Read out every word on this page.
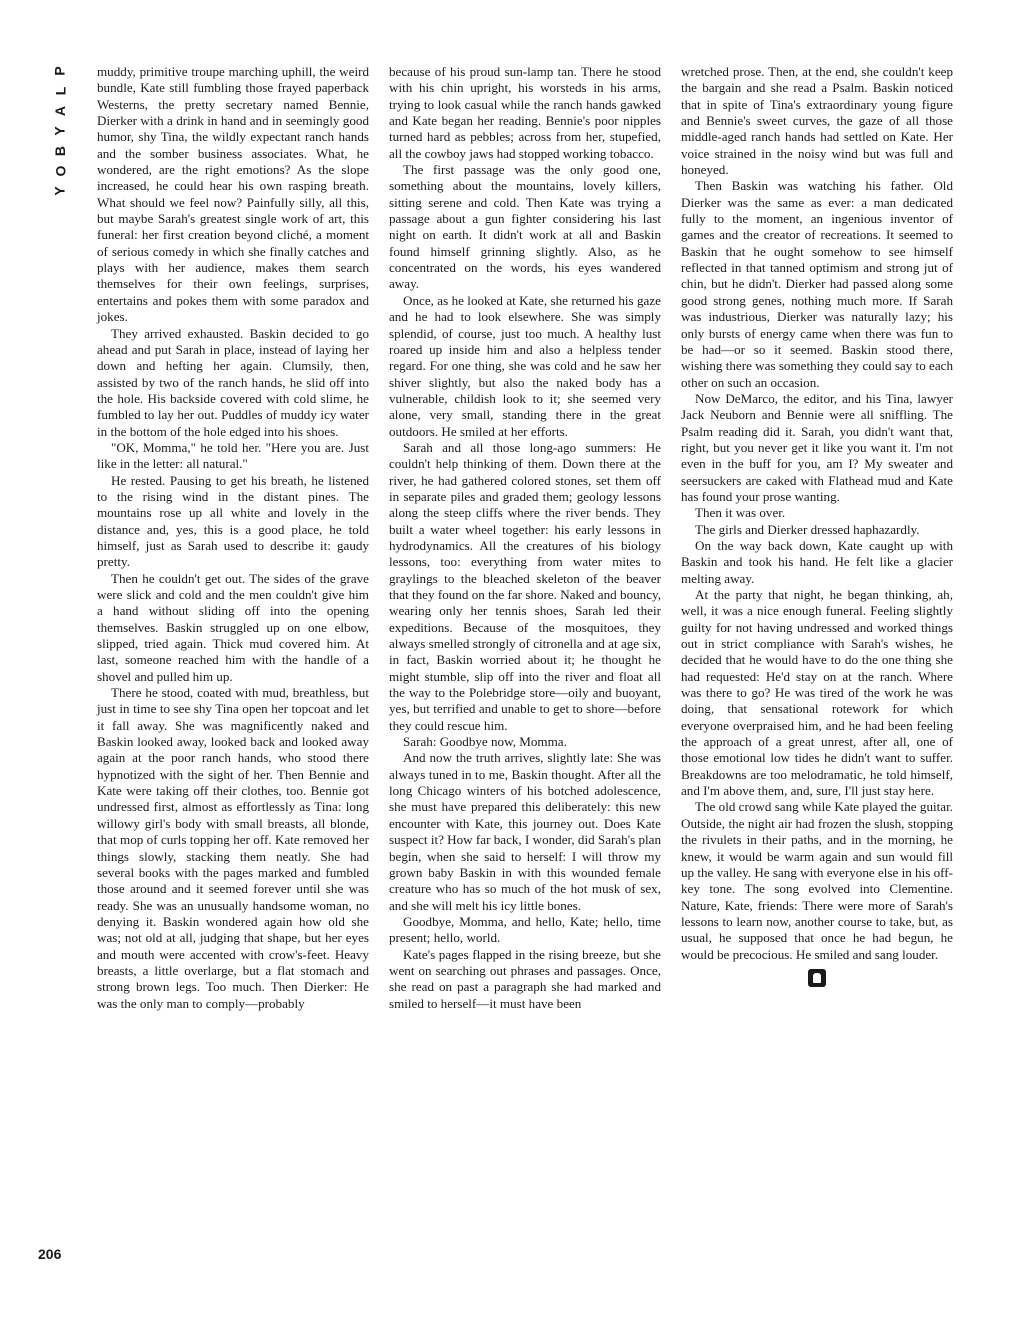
P
L
A
Y
B
O
Y
206

muddy, primitive troupe marching uphill, the weird bundle, Kate still fumbling those frayed paperback Westerns, the pretty secretary named Bennie, Dierker with a drink in hand and in seemingly good humor, shy Tina, the wildly expectant ranch hands and the somber business associates. What, he wondered, are the right emotions? As the slope increased, he could hear his own rasping breath. What should we feel now? Painfully silly, all this, but maybe Sarah's greatest single work of art, this funeral: her first creation beyond cliché, a moment of serious comedy in which she finally catches and plays with her audience, makes them search themselves for their own feelings, surprises, entertains and pokes them with some paradox and jokes.

They arrived exhausted. Baskin decided to go ahead and put Sarah in place, instead of laying her down and hefting her again. Clumsily, then, assisted by two of the ranch hands, he slid off into the hole. His backside covered with cold slime, he fumbled to lay her out. Puddles of muddy icy water in the bottom of the hole edged into his shoes.

"OK, Momma," he told her. "Here you are. Just like in the letter: all natural."

He rested. Pausing to get his breath, he listened to the rising wind in the distant pines. The mountains rose up all white and lovely in the distance and, yes, this is a good place, he told himself, just as Sarah used to describe it: gaudy pretty.

Then he couldn't get out. The sides of the grave were slick and cold and the men couldn't give him a hand without sliding off into the opening themselves. Baskin struggled up on one elbow, slipped, tried again. Thick mud covered him. At last, someone reached him with the handle of a shovel and pulled him up.

There he stood, coated with mud, breathless, but just in time to see shy Tina open her topcoat and let it fall away. She was magnificently naked and Baskin looked away, looked back and looked away again at the poor ranch hands, who stood there hypnotized with the sight of her. Then Bennie and Kate were taking off their clothes, too. Bennie got undressed first, almost as effortlessly as Tina: long willowy girl's body with small breasts, all blonde, that mop of curls topping her off. Kate removed her things slowly, stacking them neatly. She had several books with the pages marked and fumbled those around and it seemed forever until she was ready. She was an unusually handsome woman, no denying it. Baskin wondered again how old she was; not old at all, judging that shape, but her eyes and mouth were accented with crow's-feet. Heavy breasts, a little overlarge, but a flat stomach and strong brown legs. Too much. Then Dierker: He was the only man to comply—probably

because of his proud sun-lamp tan. There he stood with his chin upright, his worsteds in his arms, trying to look casual while the ranch hands gawked and Kate began her reading. Bennie's poor nipples turned hard as pebbles; across from her, stupefied, all the cowboy jaws had stopped working tobacco.

The first passage was the only good one, something about the mountains, lovely killers, sitting serene and cold. Then Kate was trying a passage about a gun fighter considering his last night on earth. It didn't work at all and Baskin found himself grinning slightly. Also, as he concentrated on the words, his eyes wandered away.

Once, as he looked at Kate, she returned his gaze and he had to look elsewhere. She was simply splendid, of course, just too much. A healthy lust roared up inside him and also a helpless tender regard. For one thing, she was cold and he saw her shiver slightly, but also the naked body has a vulnerable, childish look to it; she seemed very alone, very small, standing there in the great outdoors. He smiled at her efforts.

Sarah and all those long-ago summers: He couldn't help thinking of them. Down there at the river, he had gathered colored stones, set them off in separate piles and graded them; geology lessons along the steep cliffs where the river bends. They built a water wheel together: his early lessons in hydrodynamics. All the creatures of his biology lessons, too: everything from water mites to graylings to the bleached skeleton of the beaver that they found on the far shore. Naked and bouncy, wearing only her tennis shoes, Sarah led their expeditions. Because of the mosquitoes, they always smelled strongly of citronella and at age six, in fact, Baskin worried about it; he thought he might stumble, slip off into the river and float all the way to the Polebridge store—oily and buoyant, yes, but terrified and unable to get to shore—before they could rescue him.

Sarah: Goodbye now, Momma.

And now the truth arrives, slightly late: She was always tuned in to me, Baskin thought. After all the long Chicago winters of his botched adolescence, she must have prepared this deliberately: this new encounter with Kate, this journey out. Does Kate suspect it? How far back, I wonder, did Sarah's plan begin, when she said to herself: I will throw my grown baby Baskin in with this wounded female creature who has so much of the hot musk of sex, and she will melt his icy little bones.

Goodbye, Momma, and hello, Kate; hello, time present; hello, world.

Kate's pages flapped in the rising breeze, but she went on searching out phrases and passages. Once, she read on past a paragraph she had marked and smiled to herself—it must have been

wretched prose. Then, at the end, she couldn't keep the bargain and she read a Psalm. Baskin noticed that in spite of Tina's extraordinary young figure and Bennie's sweet curves, the gaze of all those middle-aged ranch hands had settled on Kate. Her voice strained in the noisy wind but was full and honeyed.

Then Baskin was watching his father. Old Dierker was the same as ever: a man dedicated fully to the moment, an ingenious inventor of games and the creator of recreations. It seemed to Baskin that he ought somehow to see himself reflected in that tanned optimism and strong jut of chin, but he didn't. Dierker had passed along some good strong genes, nothing much more. If Sarah was industrious, Dierker was naturally lazy; his only bursts of energy came when there was fun to be had—or so it seemed. Baskin stood there, wishing there was something they could say to each other on such an occasion.

Now DeMarco, the editor, and his Tina, lawyer Jack Neuborn and Bennie were all sniffling. The Psalm reading did it. Sarah, you didn't want that, right, but you never get it like you want it. I'm not even in the buff for you, am I? My sweater and seersuckers are caked with Flathead mud and Kate has found your prose wanting.

Then it was over.

The girls and Dierker dressed haphazardly.

On the way back down, Kate caught up with Baskin and took his hand. He felt like a glacier melting away.

At the party that night, he began thinking, ah, well, it was a nice enough funeral. Feeling slightly guilty for not having undressed and worked things out in strict compliance with Sarah's wishes, he decided that he would have to do the one thing she had requested: He'd stay on at the ranch. Where was there to go? He was tired of the work he was doing, that sensational rotework for which everyone overpraised him, and he had been feeling the approach of a great unrest, after all, one of those emotional low tides he didn't want to suffer. Breakdowns are too melodramatic, he told himself, and I'm above them, and, sure, I'll just stay here.

The old crowd sang while Kate played the guitar. Outside, the night air had frozen the slush, stopping the rivulets in their paths, and in the morning, he knew, it would be warm again and sun would fill up the valley. He sang with everyone else in his off-key tone. The song evolved into Clementine. Nature, Kate, friends: There were more of Sarah's lessons to learn now, another course to take, but, as usual, he supposed that once he had begun, he would be precocious. He smiled and sang louder.
